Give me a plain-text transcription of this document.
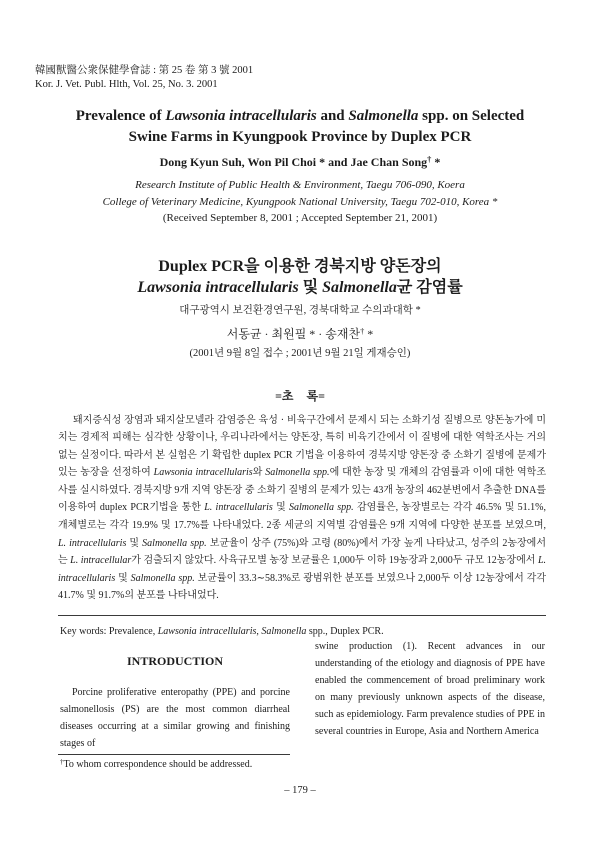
韓國獸醫公衆保健學會誌 : 第 25 卷 第 3 號 2001
Kor. J. Vet. Publ. Hlth, Vol. 25, No. 3. 2001
Prevalence of Lawsonia intracellularis and Salmonella spp. on Selected
Swine Farms in Kyungpook Province by Duplex PCR
Dong Kyun Suh, Won Pil Choi * and Jae Chan Song† *
Research Institute of Public Health & Environment, Taegu 706-090, Koera
College of Veterinary Medicine, Kyungpook National University, Taegu 702-010, Korea *
(Received September 8, 2001 ; Accepted September 21, 2001)
Duplex PCR을 이용한 경북지방 양돈장의
Lawsonia intracellularis 및 Salmonella균 감염률
대구광역시 보건환경연구원, 경북대학교 수의과대학 *
서동균 · 최원필 * · 송재찬† *
(2001년 9월 8일 접수 ; 2001년 9월 21일 게재승인)
=초 록=

돼지증식성 장염과 돼지살모넬라 감염증은 육성 · 비육구간에서 문제시 되는 소화기성 질병으로 양돈농가에 미치는 경제적 피해는 심각한 상황이나, 우리나라에서는 양돈장, 특히 비육기간에서 이 질병에 대한 역학조사는 거의 없는 실정이다. 따라서 본 실험은 기 확립한 duplex PCR 기법을 이용하여 경북지방 양돈장 중 소화기 질병에 문제가 있는 농장을 선정하여 Lawsonia intracellularis와 Salmonella spp.에 대한 농장 및 개체의 감염률과 이에 대한 역학조사를 실시하였다. 경북지방 9개 지역 양돈장 중 소화기 질병의 문제가 있는 43개 농장의 462분변에서 추출한 DNA를 이용하여 duplex PCR기법을 통한 L. intracellularis 및 Salmonella spp. 감염률은, 농장별로는 각각 46.5% 및 51.1%, 개체별로는 각각 19.9% 및 17.7%를 나타내었다. 2종 세균의 지역별 감염률은 9개 지역에 다양한 분포를 보였으며, L. intracellularis 및 Salmonella spp. 보균율이 상주 (75%)와 고령 (80%)에서 가장 높게 나타났고, 성주의 2농장에서는 L. intracellular가 검출되지 않았다. 사육규모별 농장 보균률은 1,000두 이하 19농장과 2,000두 규모 12농장에서 L. intracellularis 및 Salmonella spp. 보균률이 33.3∼58.3%로 광범위한 분포를 보였으나 2,000두 이상 12농장에서 각각 41.7% 및 91.7%의 분포를 나타내었다.

Key words: Prevalence, Lawsonia intracellularis, Salmonella spp., Duplex PCR.
INTRODUCTION

Porcine proliferative enteropathy (PPE) and porcine salmonellosis (PS) are the most common diarrheal diseases occurring at a similar growing and finishing stages of

swine production (1). Recent advances in our understanding of the etiology and diagnosis of PPE have enabled the commencement of broad preliminary work on many previously unknown aspects of the disease, such as epidemiology. Farm prevalence studies of PPE in several countries in Europe, Asia and Northern America

†To whom correspondence should be addressed.
– 179 –
